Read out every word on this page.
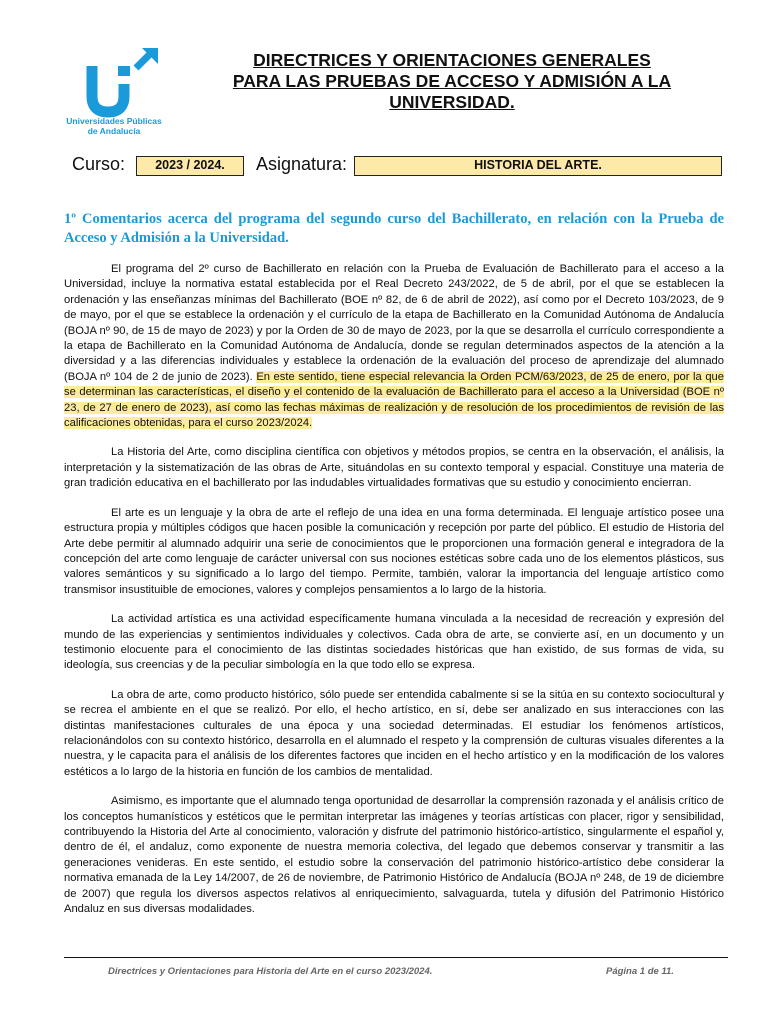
Universidades Públicas
de Andalucía
DIRECTRICES Y ORIENTACIONES GENERALES
PARA LAS PRUEBAS DE ACCESO Y ADMISIÓN A LA
UNIVERSIDAD.
Curso:	2023 / 2024.	Asignatura:	HISTORIA DEL ARTE.
1º Comentarios acerca del programa del segundo curso del Bachillerato, en relación con la Prueba de Acceso y Admisión a la Universidad.

El programa del 2º curso de Bachillerato en relación con la Prueba de Evaluación de Bachillerato para el acceso a la Universidad, incluye la normativa estatal establecida por el Real Decreto 243/2022, de 5 de abril, por el que se establecen la ordenación y las enseñanzas mínimas del Bachillerato (BOE nº 82, de 6 de abril de 2022), así como por el Decreto 103/2023, de 9 de mayo, por el que se establece la ordenación y el currículo de la etapa de Bachillerato en la Comunidad Autónoma de Andalucía (BOJA nº 90, de 15 de mayo de 2023) y por la Orden de 30 de mayo de 2023, por la que se desarrolla el currículo correspondiente a la etapa de Bachillerato en la Comunidad Autónoma de Andalucía, donde se regulan determinados aspectos de la atención a la diversidad y a las diferencias individuales y establece la ordenación de la evaluación del proceso de aprendizaje del alumnado (BOJA nº 104 de 2 de junio de 2023). En este sentido, tiene especial relevancia la Orden PCM/63/2023, de 25 de enero, por la que se determinan las características, el diseño y el contenido de la evaluación de Bachillerato para el acceso a la Universidad (BOE nº 23, de 27 de enero de 2023), así como las fechas máximas de realización y de resolución de los procedimientos de revisión de las calificaciones obtenidas, para el curso 2023/2024.

La Historia del Arte, como disciplina científica con objetivos y métodos propios, se centra en la observación, el análisis, la interpretación y la sistematización de las obras de Arte, situándolas en su contexto temporal y espacial. Constituye una materia de gran tradición educativa en el bachillerato por las indudables virtualidades formativas que su estudio y conocimiento encierran.

El arte es un lenguaje y la obra de arte el reflejo de una idea en una forma determinada. El lenguaje artístico posee una estructura propia y múltiples códigos que hacen posible la comunicación y recepción por parte del público. El estudio de Historia del Arte debe permitir al alumnado adquirir una serie de conocimientos que le proporcionen una formación general e integradora de la concepción del arte como lenguaje de carácter universal con sus nociones estéticas sobre cada uno de los elementos plásticos, sus valores semánticos y su significado a lo largo del tiempo. Permite, también, valorar la importancia del lenguaje artístico como transmisor insustituible de emociones, valores y complejos pensamientos a lo largo de la historia.

La actividad artística es una actividad específicamente humana vinculada a la necesidad de recreación y expresión del mundo de las experiencias y sentimientos individuales y colectivos. Cada obra de arte, se convierte así, en un documento y un testimonio elocuente para el conocimiento de las distintas sociedades históricas que han existido, de sus formas de vida, su ideología, sus creencias y de la peculiar simbología en la que todo ello se expresa.

La obra de arte, como producto histórico, sólo puede ser entendida cabalmente si se la sitúa en su contexto sociocultural y se recrea el ambiente en el que se realizó. Por ello, el hecho artístico, en sí, debe ser analizado en sus interacciones con las distintas manifestaciones culturales de una época y una sociedad determinadas. El estudiar los fenómenos artísticos, relacionándolos con su contexto histórico, desarrolla en el alumnado el respeto y la comprensión de culturas visuales diferentes a la nuestra, y le capacita para el análisis de los diferentes factores que inciden en el hecho artístico y en la modificación de los valores estéticos a lo largo de la historia en función de los cambios de mentalidad.

Asimismo, es importante que el alumnado tenga oportunidad de desarrollar la comprensión razonada y el análisis crítico de los conceptos humanísticos y estéticos que le permitan interpretar las imágenes y teorías artísticas con placer, rigor y sensibilidad, contribuyendo la Historia del Arte al conocimiento, valoración y disfrute del patrimonio histórico-artístico, singularmente el español y, dentro de él, el andaluz, como exponente de nuestra memoria colectiva, del legado que debemos conservar y transmitir a las generaciones venideras. En este sentido, el estudio sobre la conservación del patrimonio histórico-artístico debe considerar la normativa emanada de la Ley 14/2007, de 26 de noviembre, de Patrimonio Histórico de Andalucía (BOJA nº 248, de 19 de diciembre de 2007) que regula los diversos aspectos relativos al enriquecimiento, salvaguarda, tutela y difusión del Patrimonio Histórico Andaluz en sus diversas modalidades.

Directrices y Orientaciones para Historia del Arte en el curso 2023/2024.	Página 1 de 11.
